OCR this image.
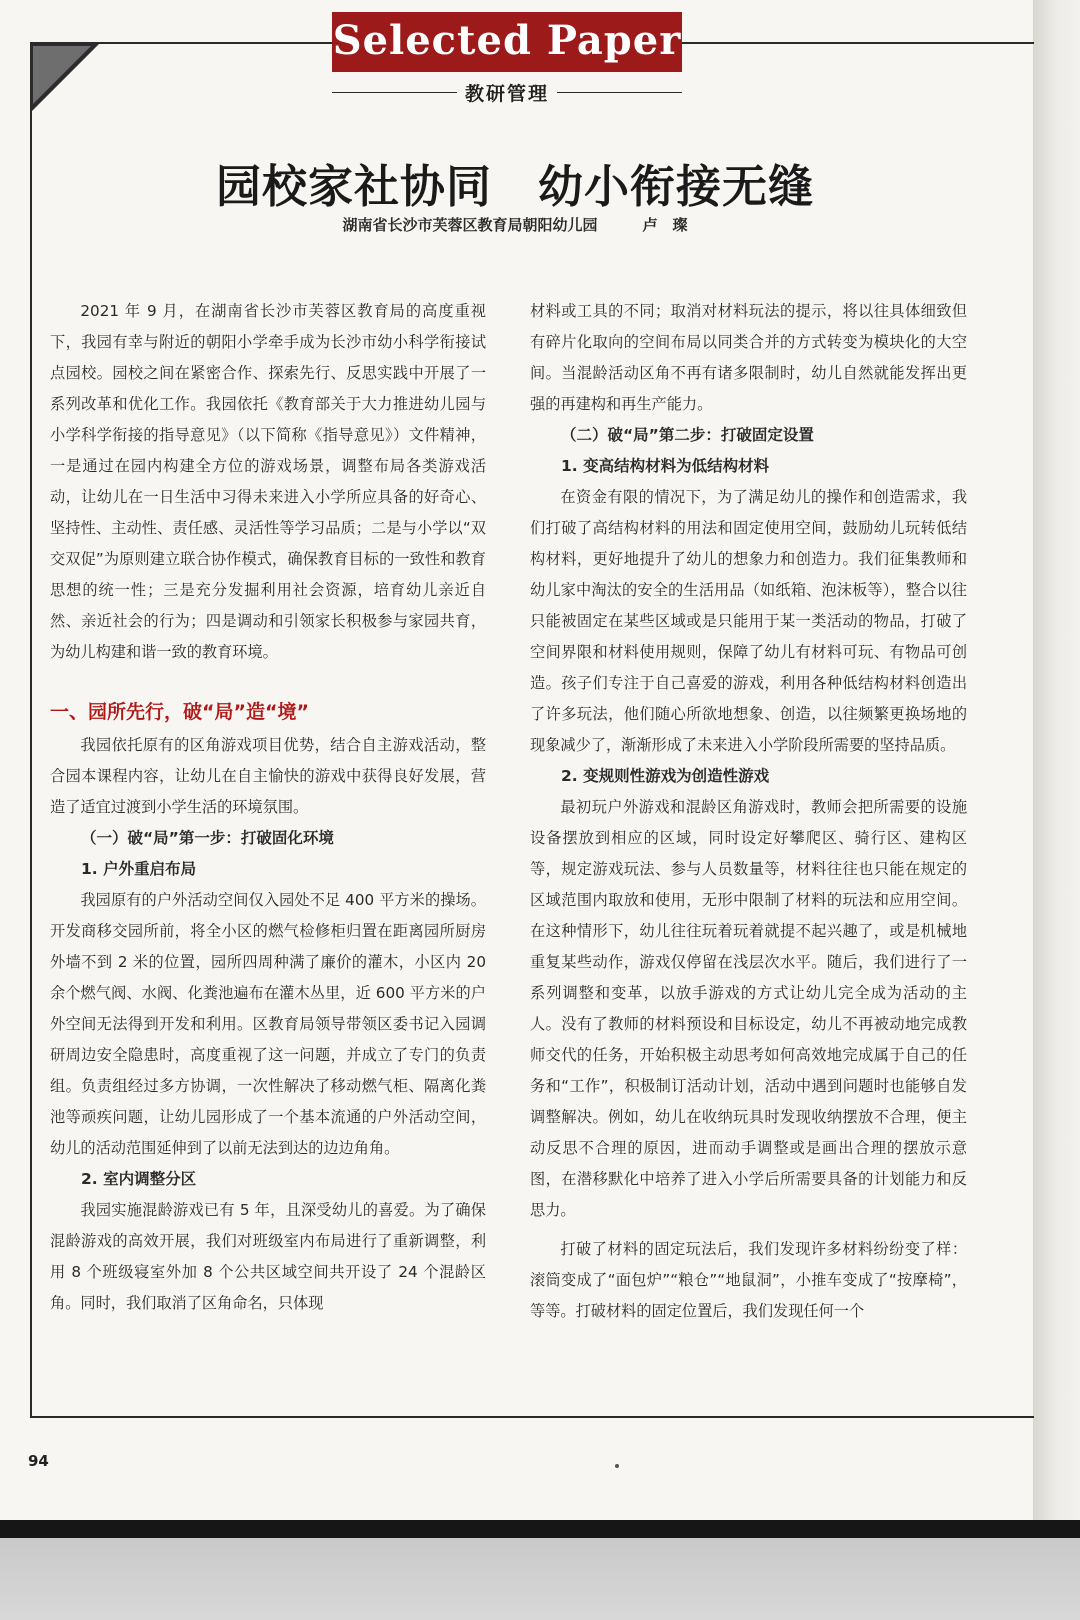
Selected Paper
教研管理
园校家社协同　幼小衔接无缝
湖南省长沙市芙蓉区教育局朝阳幼儿园　　　卢　璨

2021 年 9 月，在湖南省长沙市芙蓉区教育局的高度重视下，我园有幸与附近的朝阳小学牵手成为长沙市幼小科学衔接试点园校。园校之间在紧密合作、探索先行、反思实践中开展了一系列改革和优化工作。我园依托《教育部关于大力推进幼儿园与小学科学衔接的指导意见》（以下简称《指导意见》）文件精神，一是通过在园内构建全方位的游戏场景，调整布局各类游戏活动，让幼儿在一日生活中习得未来进入小学所应具备的好奇心、坚持性、主动性、责任感、灵活性等学习品质；二是与小学以“双交双促”为原则建立联合协作模式，确保教育目标的一致性和教育思想的统一性；三是充分发掘利用社会资源，培育幼儿亲近自然、亲近社会的行为；四是调动和引领家长积极参与家园共育，为幼儿构建和谐一致的教育环境。

一、园所先行，破“局”造“境”

我园依托原有的区角游戏项目优势，结合自主游戏活动，整合园本课程内容，让幼儿在自主愉快的游戏中获得良好发展，营造了适宜过渡到小学生活的环境氛围。

（一）破“局”第一步：打破固化环境

1. 户外重启布局

我园原有的户外活动空间仅入园处不足 400 平方米的操场。开发商移交园所前，将全小区的燃气检修柜归置在距离园所厨房外墙不到 2 米的位置，园所四周种满了廉价的灌木，小区内 20 余个燃气阀、水阀、化粪池遍布在灌木丛里，近 600 平方米的户外空间无法得到开发和利用。区教育局领导带领区委书记入园调研周边安全隐患时，高度重视了这一问题，并成立了专门的负责组。负责组经过多方协调，一次性解决了移动燃气柜、隔离化粪池等顽疾问题，让幼儿园形成了一个基本流通的户外活动空间，幼儿的活动范围延伸到了以前无法到达的边边角角。

2. 室内调整分区

我园实施混龄游戏已有 5 年，且深受幼儿的喜爱。为了确保混龄游戏的高效开展，我们对班级室内布局进行了重新调整，利用 8 个班级寝室外加 8 个公共区域空间共开设了 24 个混龄区角。同时，我们取消了区角命名，只体现

材料或工具的不同；取消对材料玩法的提示，将以往具体细致但有碎片化取向的空间布局以同类合并的方式转变为模块化的大空间。当混龄活动区角不再有诸多限制时，幼儿自然就能发挥出更强的再建构和再生产能力。

（二）破“局”第二步：打破固定设置

1. 变高结构材料为低结构材料

在资金有限的情况下，为了满足幼儿的操作和创造需求，我们打破了高结构材料的用法和固定使用空间，鼓励幼儿玩转低结构材料，更好地提升了幼儿的想象力和创造力。我们征集教师和幼儿家中淘汰的安全的生活用品（如纸箱、泡沫板等），整合以往只能被固定在某些区域或是只能用于某一类活动的物品，打破了空间界限和材料使用规则，保障了幼儿有材料可玩、有物品可创造。孩子们专注于自己喜爱的游戏，利用各种低结构材料创造出了许多玩法，他们随心所欲地想象、创造，以往频繁更换场地的现象减少了，渐渐形成了未来进入小学阶段所需要的坚持品质。

2. 变规则性游戏为创造性游戏

最初玩户外游戏和混龄区角游戏时，教师会把所需要的设施设备摆放到相应的区域，同时设定好攀爬区、骑行区、建构区等，规定游戏玩法、参与人员数量等，材料往往也只能在规定的区域范围内取放和使用，无形中限制了材料的玩法和应用空间。在这种情形下，幼儿往往玩着玩着就提不起兴趣了，或是机械地重复某些动作，游戏仅停留在浅层次水平。随后，我们进行了一系列调整和变革，以放手游戏的方式让幼儿完全成为活动的主人。没有了教师的材料预设和目标设定，幼儿不再被动地完成教师交代的任务，开始积极主动思考如何高效地完成属于自己的任务和“工作”，积极制订活动计划，活动中遇到问题时也能够自发调整解决。例如，幼儿在收纳玩具时发现收纳摆放不合理，便主动反思不合理的原因，进而动手调整或是画出合理的摆放示意图，在潜移默化中培养了进入小学后所需要具备的计划能力和反思力。

打破了材料的固定玩法后，我们发现许多材料纷纷变了样：滚筒变成了“面包炉”“粮仓”“地鼠洞”，小推车变成了“按摩椅”，等等。打破材料的固定位置后，我们发现任何一个

94
